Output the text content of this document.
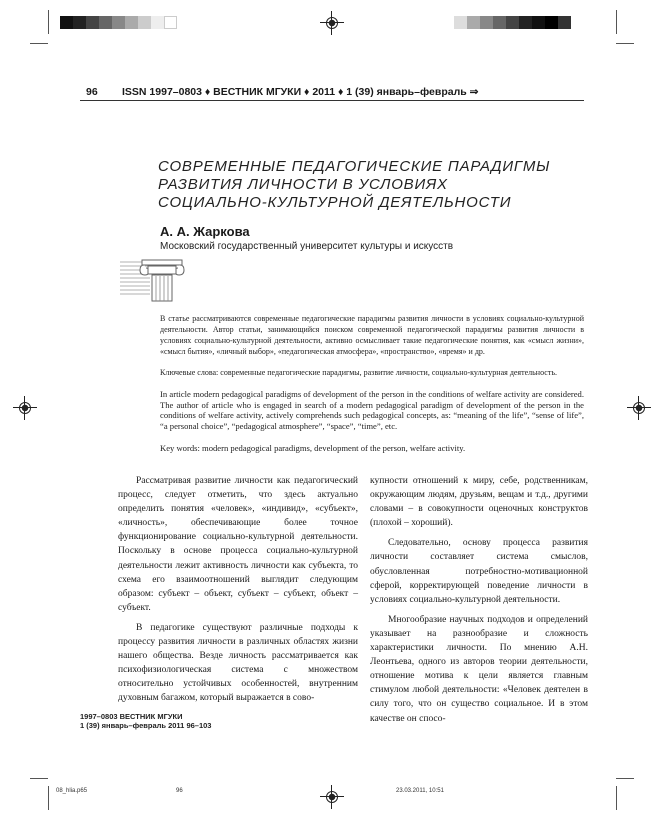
96 ISSN 1997–0803 ♦ ВЕСТНИК МГУКИ ♦ 2011 ♦ 1 (39) январь–февраль ⇒
СОВРЕМЕННЫЕ ПЕДАГОГИЧЕСКИЕ ПАРАДИГМЫ
РАЗВИТИЯ ЛИЧНОСТИ В УСЛОВИЯХ
СОЦИАЛЬНО-КУЛЬТУРНОЙ ДЕЯТЕЛЬНОСТИ
А. А. Жаркова
Московский государственный университет культуры и искусств
В статье рассматриваются современные педагогические парадигмы развития личности в условиях социально-культурной деятельности. Автор статьи, занимающийся поиском современной педагогической парадигмы развития личности в условиях социально-культурной деятельности, активно осмысливает такие педагогические понятия, как «смысл жизни», «смысл бытия», «личный выбор», «педагогическая атмосфера», «пространство», «время» и др.
Ключевые слова: современные педагогические парадигмы, развитие личности, социально-культурная деятельность.
In article modern pedagogical paradigms of development of the person in the conditions of welfare activity are considered. The author of article who is engaged in search of a modern pedagogical paradigm of development of the person in the conditions of welfare activity, actively comprehends such pedagogical concepts, as: “meaning of the life”, “sense of life”, “a personal choice”, “pedagogical atmosphere”, “space”, “time”, etc.
Key words: modern pedagogical paradigms, development of the person, welfare activity.

Рассматривая развитие личности как педагогический процесс, следует отметить, что здесь актуально определить понятия «человек», «индивид», «субъект», «личность», обеспечивающие более точное функционирование социально-культурной деятельности. Поскольку в основе процесса социально-культурной деятельности лежит активность личности как субъекта, то схема его взаимоотношений выглядит следующим образом: субъект – объект, субъект – субъект, объект – субъект.

В педагогике существуют различные подходы к процессу развития личности в различных областях жизни нашего общества. Везде личность рассматривается как психофизиологическая система с множеством относительно устойчивых особенностей, внутренним духовным багажом, который выражается в сово-

купности отношений к миру, себе, родственникам, окружающим людям, друзьям, вещам и т.д., другими словами – в совокупности оценочных конструктов (плохой – хороший).

Следовательно, основу процесса развития личности составляет система смыслов, обусловленная потребностно-мотивационной сферой, корректирующей поведение личности в условиях социально-культурной деятельности.

Многообразие научных подходов и определений указывает на разнообразие и сложность характеристики личности. По мнению А.Н. Леонтьева, одного из авторов теории деятельности, отношение мотива к цели является главным стимулом любой деятельности: «Человек деятелен в силу того, что он существо социальное. И в этом качестве он спосо-

1997–0803 ВЕСТНИК МГУКИ
1 (39) январь–февраль 2011 96–103
08_hlia.p65	96	23.03.2011, 10:51
